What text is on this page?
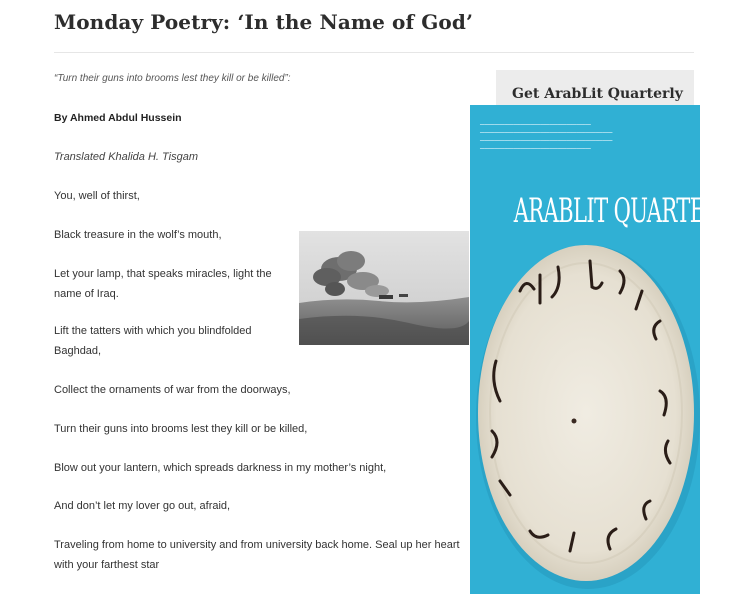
Monday Poetry: ‘In the Name of God’

“Turn their guns into brooms lest they kill or be killed”:

By Ahmed Abdul Hussein

Translated Khalida H. Tisgam

You, well of thirst,

Black treasure in the wolf’s mouth,

Let your lamp, that speaks miracles, light the name of Iraq.

Lift the tatters with which you blindfolded Baghdad,

Collect the ornaments of war from the doorways,

Turn their guns into brooms lest they kill or be killed,

Blow out your lantern, which spreads darkness in my mother’s night,

And don’t let my lover go out, afraid,

Traveling from home to university and from university back home. Seal up her heart with your farthest star

Get ArabLit Quarterly
━━━━━━━━━━━━━━━━━━━━━━━━━━━━━━━━━━━━━━━━━━━━━━
━━━━━━━━━━━━━━━━━━━━━━━━━━━━━━━━━━━━━━━━━━━━━━━━━━━━━━━
━━━━━━━━━━━━━━━━━━━━━━━━━━━━━━━━━━━━━━━━━━━━━━━━━━━━━━━
━━━━━━━━━━━━━━━━━━━━━━━━━━━━━━━━━━━━━━━━━━━━━━
ARABLIT QUARTERLY
